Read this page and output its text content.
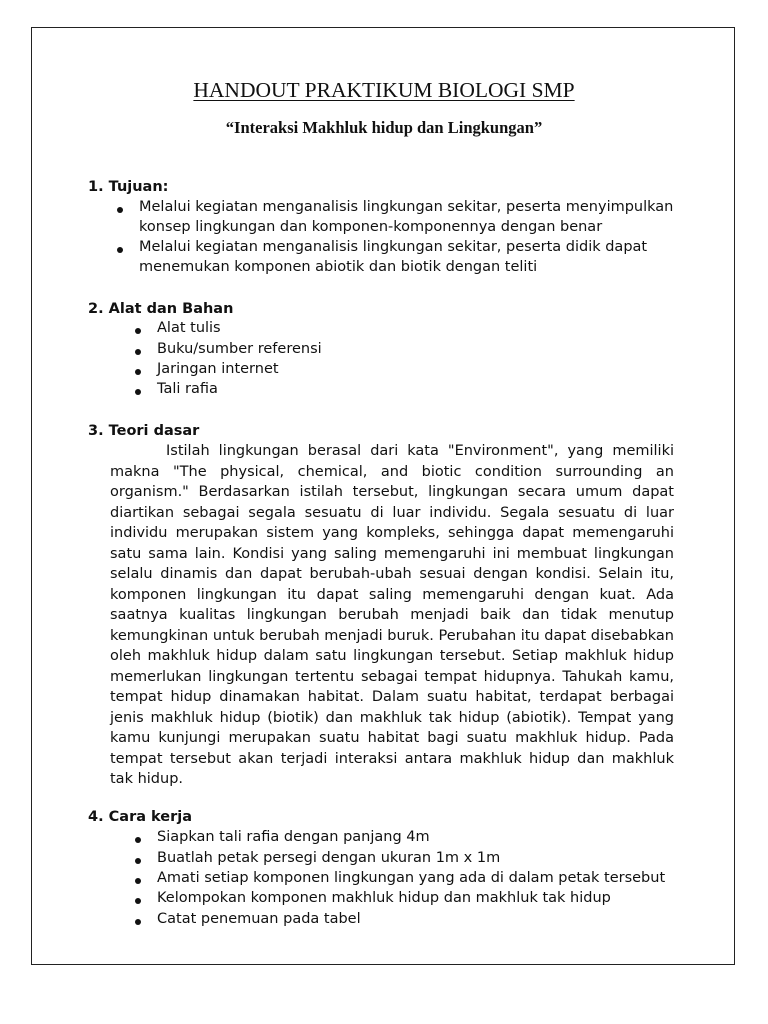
HANDOUT PRAKTIKUM BIOLOGI SMP
“Interaksi Makhluk hidup dan Lingkungan”
1. Tujuan:
Melalui kegiatan menganalisis lingkungan sekitar, peserta menyimpulkan
konsep lingkungan dan komponen-komponennya dengan benar
Melalui kegiatan menganalisis lingkungan sekitar, peserta didik dapat
menemukan komponen abiotik dan biotik dengan teliti
2. Alat dan Bahan
Alat tulis
Buku/sumber referensi
Jaringan internet
Tali rafia
3. Teori dasar
Istilah lingkungan berasal dari kata "Environment", yang memiliki makna "The physical, chemical, and biotic condition surrounding an organism." Berdasarkan istilah tersebut, lingkungan secara umum dapat diartikan sebagai segala sesuatu di luar individu. Segala sesuatu di luar individu merupakan sistem yang kompleks, sehingga dapat memengaruhi satu sama lain. Kondisi yang saling memengaruhi ini membuat lingkungan selalu dinamis dan dapat berubah-ubah sesuai dengan kondisi. Selain itu, komponen lingkungan itu dapat saling memengaruhi dengan kuat. Ada saatnya kualitas lingkungan berubah menjadi baik dan tidak menutup kemungkinan untuk berubah menjadi buruk. Perubahan itu dapat disebabkan oleh makhluk hidup dalam satu lingkungan tersebut. Setiap makhluk hidup memerlukan lingkungan tertentu sebagai tempat hidupnya. Tahukah kamu, tempat hidup dinamakan habitat. Dalam suatu habitat, terdapat berbagai jenis makhluk hidup (biotik) dan makhluk tak hidup (abiotik). Tempat yang kamu kunjungi merupakan suatu habitat bagi suatu makhluk hidup. Pada tempat tersebut akan terjadi interaksi antara makhluk hidup dan makhluk tak hidup.
4. Cara kerja
Siapkan tali rafia dengan panjang 4m
Buatlah petak persegi dengan ukuran 1m x 1m
Amati setiap komponen lingkungan yang ada di dalam petak tersebut
Kelompokan komponen makhluk hidup dan makhluk tak hidup
Catat penemuan pada tabel
